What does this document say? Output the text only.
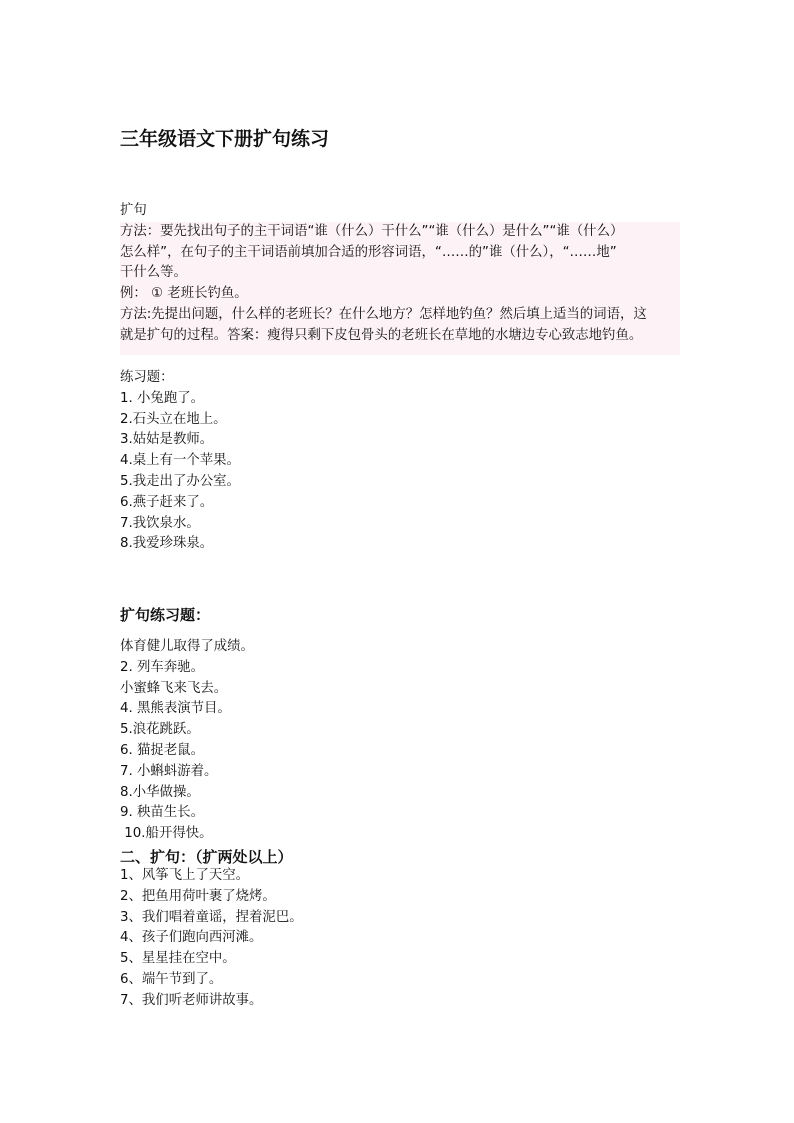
三年级语文下册扩句练习
扩句
方法：要先找出句子的主干词语“谁（什么）干什么”“谁（什么）是什么”“谁（什么）
怎么样”，在句子的主干词语前填加合适的形容词语，“……的”谁（什么），“……地”
干什么等。
例： ① 老班长钓鱼。
方法:先提出问题，什么样的老班长？在什么地方？怎样地钓鱼？然后填上适当的词语，这
就是扩句的过程。答案：瘦得只剩下皮包骨头的老班长在草地的水塘边专心致志地钓鱼。
练习题：
1. 小兔跑了。
2.石头立在地上。
3.姑姑是教师。
4.桌上有一个苹果。
5.我走出了办公室。
6.燕子赶来了。
7.我饮泉水。
8.我爱珍珠泉。
扩句练习题：
体育健儿取得了成绩。
2. 列车奔驰。
小蜜蜂飞来飞去。
4. 黑熊表演节目。
5.浪花跳跃。
6. 猫捉老鼠。
7. 小蝌蚪游着。
8.小华做操。
9. 秧苗生长。
10.船开得快。
二、扩句：（扩两处以上）
1、风筝飞上了天空。
2、把鱼用荷叶裹了烧烤。
3、我们唱着童谣，捏着泥巴。
4、孩子们跑向西河滩。
5、星星挂在空中。
6、端午节到了。
7、我们听老师讲故事。
